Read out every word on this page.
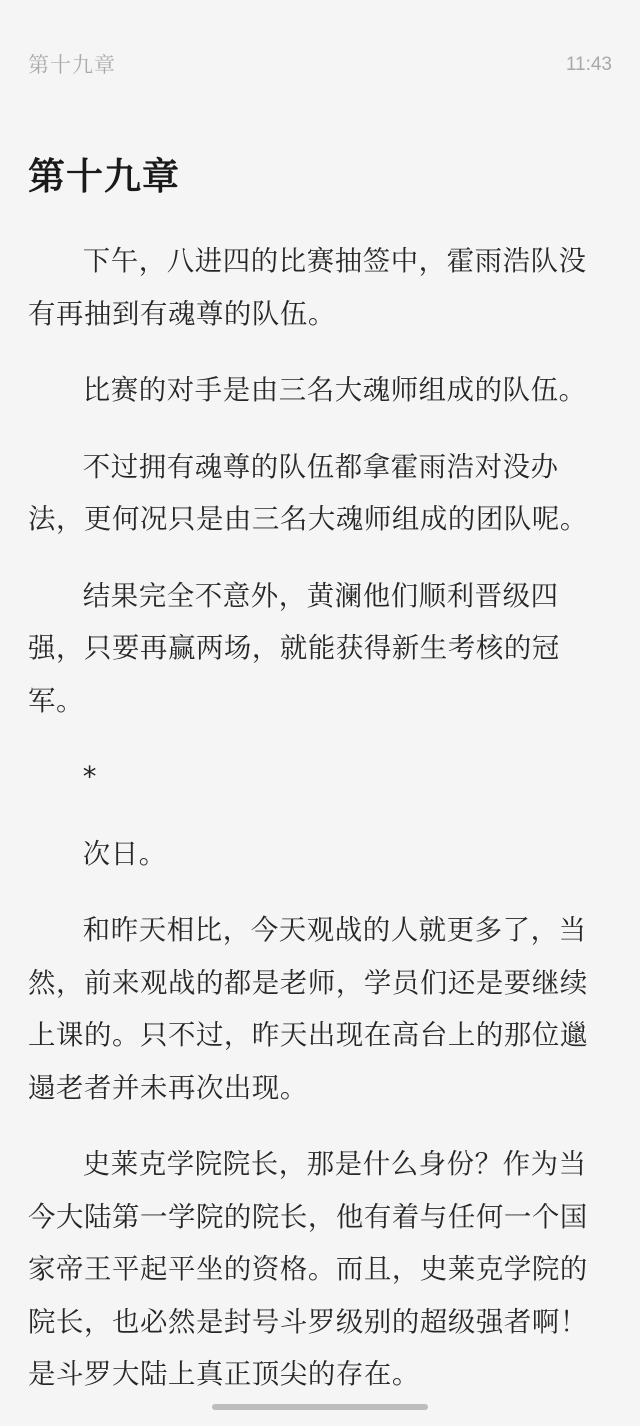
第十九章	11:43
第十九章

下午，八进四的比赛抽签中，霍雨浩队没有再抽到有魂尊的队伍。

比赛的对手是由三名大魂师组成的队伍。

不过拥有魂尊的队伍都拿霍雨浩对没办法，更何况只是由三名大魂师组成的团队呢。

结果完全不意外，黄澜他们顺利晋级四强，只要再赢两场，就能获得新生考核的冠军。

*

次日。

和昨天相比，今天观战的人就更多了，当然，前来观战的都是老师，学员们还是要继续上课的。只不过，昨天出现在高台上的那位邋遢老者并未再次出现。

史莱克学院院长，那是什么身份？作为当今大陆第一学院的院长，他有着与任何一个国家帝王平起平坐的资格。而且，史莱克学院的院长，也必然是封号斗罗级别的超级强者啊！是斗罗大陆上真正顶尖的存在。
